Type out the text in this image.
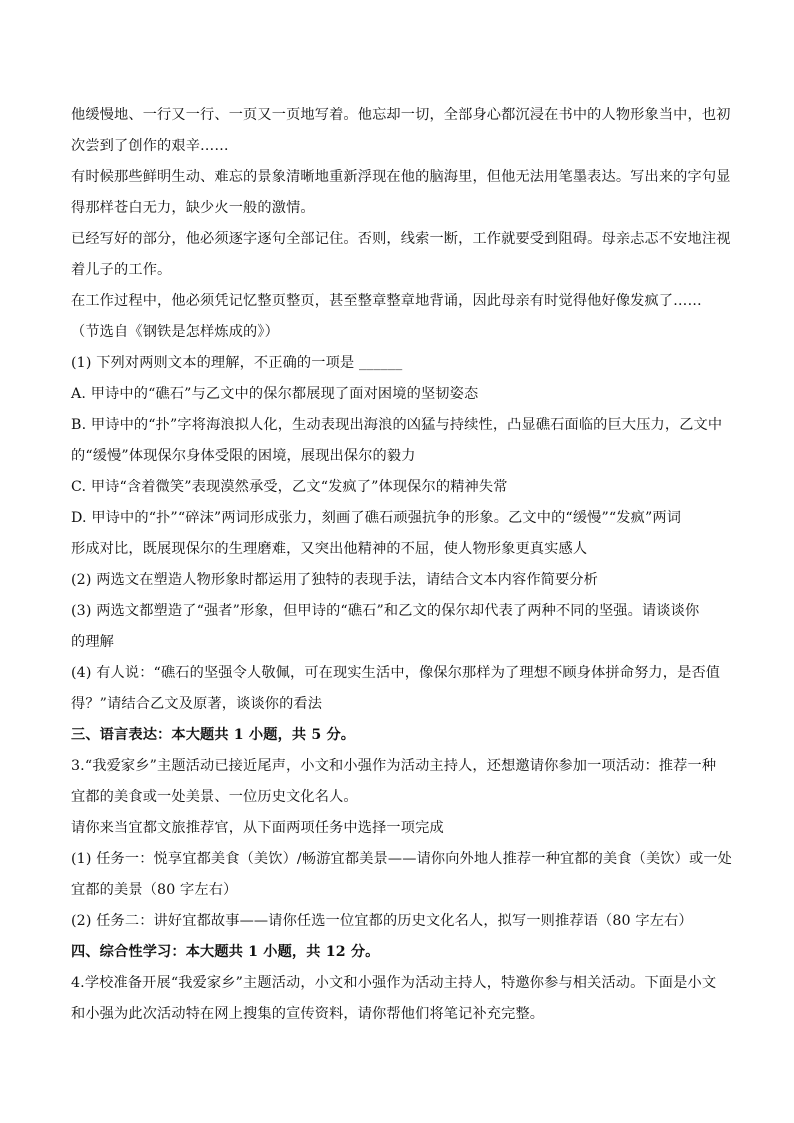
他缓慢地、一行又一行、一页又一页地写着。他忘却一切，全部身心都沉浸在书中的人物形象当中，也初
次尝到了创作的艰辛……
有时候那些鲜明生动、难忘的景象清晰地重新浮现在他的脑海里，但他无法用笔墨表达。写出来的字句显
得那样苍白无力，缺少火一般的激情。
已经写好的部分，他必须逐字逐句全部记住。否则，线索一断，工作就要受到阻碍。母亲忐忑不安地注视
着儿子的工作。
在工作过程中，他必须凭记忆整页整页，甚至整章整章地背诵，因此母亲有时觉得他好像发疯了……
（节选自《钢铁是怎样炼成的》）
(1) 下列对两则文本的理解，不正确的一项是 ______
A. 甲诗中的“礁石”与乙文中的保尔都展现了面对困境的坚韧姿态
B. 甲诗中的“扑”字将海浪拟人化，生动表现出海浪的凶猛与持续性，凸显礁石面临的巨大压力，乙文中
的“缓慢”体现保尔身体受限的困境，展现出保尔的毅力
C. 甲诗“含着微笑”表现漠然承受，乙文“发疯了”体现保尔的精神失常
D. 甲诗中的“扑”“碎沫”两词形成张力，刻画了礁石顽强抗争的形象。乙文中的“缓慢”“发疯”两词
形成对比，既展现保尔的生理磨难，又突出他精神的不屈，使人物形象更真实感人
(2) 两选文在塑造人物形象时都运用了独特的表现手法，请结合文本内容作简要分析
(3) 两选文都塑造了“强者”形象，但甲诗的“礁石”和乙文的保尔却代表了两种不同的坚强。请谈谈你
的理解
(4) 有人说：“礁石的坚强令人敬佩，可在现实生活中，像保尔那样为了理想不顾身体拼命努力，是否值
得？”请结合乙文及原著，谈谈你的看法
三、语言表达：本大题共 1 小题，共 5 分。
3.“我爱家乡”主题活动已接近尾声，小文和小强作为活动主持人，还想邀请你参加一项活动：推荐一种
宜都的美食或一处美景、一位历史文化名人。
请你来当宜都文旅推荐官，从下面两项任务中选择一项完成
(1) 任务一：悦享宜都美食（美饮）/畅游宜都美景——请你向外地人推荐一种宜都的美食（美饮）或一处
宜都的美景（80 字左右）
(2) 任务二：讲好宜都故事——请你任选一位宜都的历史文化名人，拟写一则推荐语（80 字左右）
四、综合性学习：本大题共 1 小题，共 12 分。
4.学校准备开展“我爱家乡”主题活动，小文和小强作为活动主持人，特邀你参与相关活动。下面是小文
和小强为此次活动特在网上搜集的宣传资料，请你帮他们将笔记补充完整。
